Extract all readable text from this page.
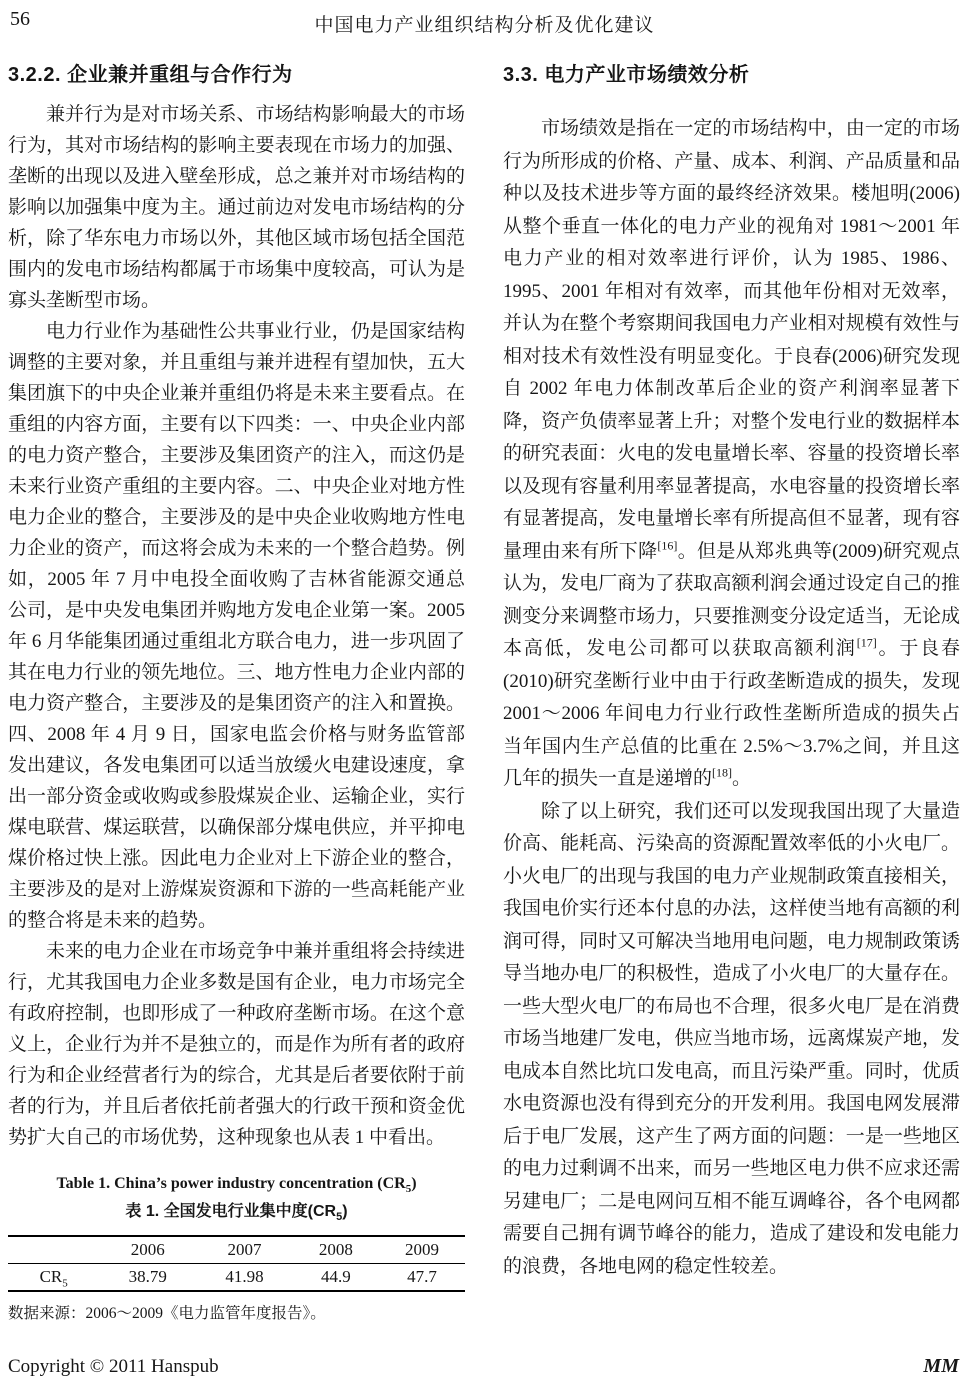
56	中国电力产业组织结构分析及优化建议
3.2.2. 企业兼并重组与合作行为

兼并行为是对市场关系、市场结构影响最大的市场行为，其对市场结构的影响主要表现在市场力的加强、垄断的出现以及进入壁垒形成，总之兼并对市场结构的影响以加强集中度为主。通过前边对发电市场结构的分析，除了华东电力市场以外，其他区域市场包括全国范围内的发电市场结构都属于市场集中度较高，可认为是寡头垄断型市场。

电力行业作为基础性公共事业行业，仍是国家结构调整的主要对象，并且重组与兼并进程有望加快，五大集团旗下的中央企业兼并重组仍将是未来主要看点。在重组的内容方面，主要有以下四类：一、中央企业内部的电力资产整合，主要涉及集团资产的注入，而这仍是未来行业资产重组的主要内容。二、中央企业对地方性电力企业的整合，主要涉及的是中央企业收购地方性电力企业的资产，而这将会成为未来的一个整合趋势。例如，2005 年 7 月中电投全面收购了吉林省能源交通总公司，是中央发电集团并购地方发电企业第一案。2005 年 6 月华能集团通过重组北方联合电力，进一步巩固了其在电力行业的领先地位。三、地方性电力企业内部的电力资产整合，主要涉及的是集团资产的注入和置换。四、2008 年 4 月 9 日，国家电监会价格与财务监管部发出建议，各发电集团可以适当放缓火电建设速度，拿出一部分资金或收购或参股煤炭企业、运输企业，实行煤电联营、煤运联营，以确保部分煤电供应，并平抑电煤价格过快上涨。因此电力企业对上下游企业的整合，主要涉及的是对上游煤炭资源和下游的一些高耗能产业的整合将是未来的趋势。

未来的电力企业在市场竞争中兼并重组将会持续进行，尤其我国电力企业多数是国有企业，电力市场完全有政府控制，也即形成了一种政府垄断市场。在这个意义上，企业行为并不是独立的，而是作为所有者的政府行为和企业经营者行为的综合，尤其是后者要依附于前者的行为，并且后者依托前者强大的行政干预和资金优势扩大自己的市场优势，这种现象也从表 1 中看出。

Table 1. China’s power industry concentration $(CR_5)$
表 1. 全国发电行业集中度$(CR_5)$
	2006	2007	2008	2009
$CR_5$	38.79	41.98	44.9	47.7
数据来源：2006～2009《电力监管年度报告》。
3.3. 电力产业市场绩效分析

市场绩效是指在一定的市场结构中，由一定的市场行为所形成的价格、产量、成本、利润、产品质量和品种以及技术进步等方面的最终经济效果。楼旭明(2006)从整个垂直一体化的电力产业的视角对 1981～2001 年电力产业的相对效率进行评价，认为 1985、1986、1995、2001 年相对有效率，而其他年份相对无效率，并认为在整个考察期间我国电力产业相对规模有效性与相对技术有效性没有明显变化。于良春(2006)研究发现自 2002 年电力体制改革后企业的资产利润率显著下降，资产负债率显著上升；对整个发电行业的数据样本的研究表面：火电的发电量增长率、容量的投资增长率以及现有容量利用率显著提高，水电容量的投资增长率有显著提高，发电量增长率有所提高但不显著，现有容量理由来有所下降[16]。但是从郑兆典等(2009)研究观点认为，发电厂商为了获取高额利润会通过设定自己的推测变分来调整市场力，只要推测变分设定适当，无论成本高低，发电公司都可以获取高额利润[17]。于良春(2010)研究垄断行业中由于行政垄断造成的损失，发现 2001～2006 年间电力行业行政性垄断所造成的损失占当年国内生产总值的比重在 2.5%～3.7%之间，并且这几年的损失一直是递增的[18]。

除了以上研究，我们还可以发现我国出现了大量造价高、能耗高、污染高的资源配置效率低的小火电厂。小火电厂的出现与我国的电力产业规制政策直接相关，我国电价实行还本付息的办法，这样使当地有高额的利润可得，同时又可解决当地用电问题，电力规制政策诱导当地办电厂的积极性，造成了小火电厂的大量存在。一些大型火电厂的布局也不合理，很多火电厂是在消费市场当地建厂发电，供应当地市场，远离煤炭产地，发电成本自然比坑口发电高，而且污染严重。同时，优质水电资源也没有得到充分的开发利用。我国电网发展滞后于电厂发展，这产生了两方面的问题：一是一些地区的电力过剩调不出来，而另一些地区电力供不应求还需另建电厂；二是电网问互相不能互调峰谷，各个电网都需要自己拥有调节峰谷的能力，造成了建设和发电能力的浪费，各地电网的稳定性较差。

Copyright © 2011 Hanspub	MM
